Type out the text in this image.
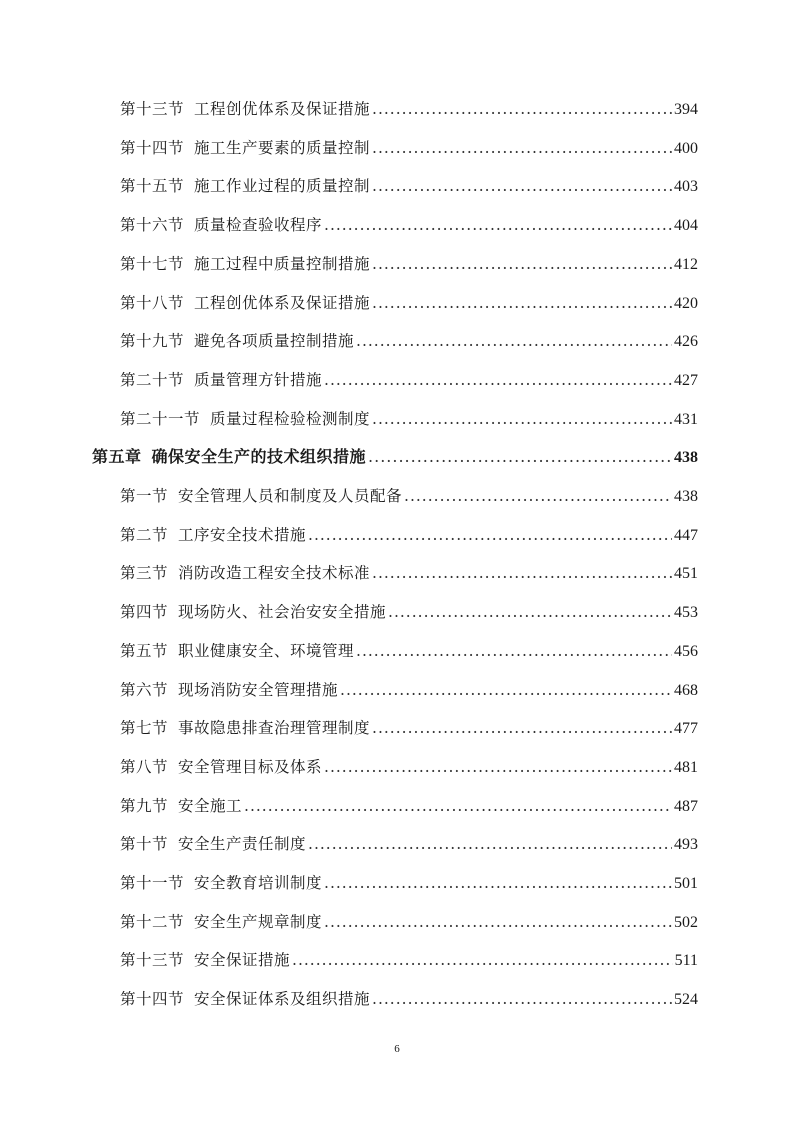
第十三节 工程创优体系及保证措施 .....	394
第十四节 施工生产要素的质量控制 .....	400
第十五节 施工作业过程的质量控制 .....	403
第十六节 质量检查验收程序 .....	404
第十七节 施工过程中质量控制措施 .....	412
第十八节 工程创优体系及保证措施 .....	420
第十九节 避免各项质量控制措施 .....	426
第二十节 质量管理方针措施 .....	427
第二十一节 质量过程检验检测制度 .....	431
第五章 确保安全生产的技术组织措施 .....	438
第一节 安全管理人员和制度及人员配备 .....	438
第二节 工序安全技术措施 .....	447
第三节 消防改造工程安全技术标准 .....	451
第四节 现场防火、社会治安安全措施 .....	453
第五节 职业健康安全、环境管理 .....	456
第六节 现场消防安全管理措施 .....	468
第七节 事故隐患排查治理管理制度 .....	477
第八节 安全管理目标及体系 .....	481
第九节 安全施工 .....	487
第十节 安全生产责任制度 .....	493
第十一节 安全教育培训制度 .....	501
第十二节 安全生产规章制度 .....	502
第十三节 安全保证措施 .....	511
第十四节 安全保证体系及组织措施 .....	524
6
